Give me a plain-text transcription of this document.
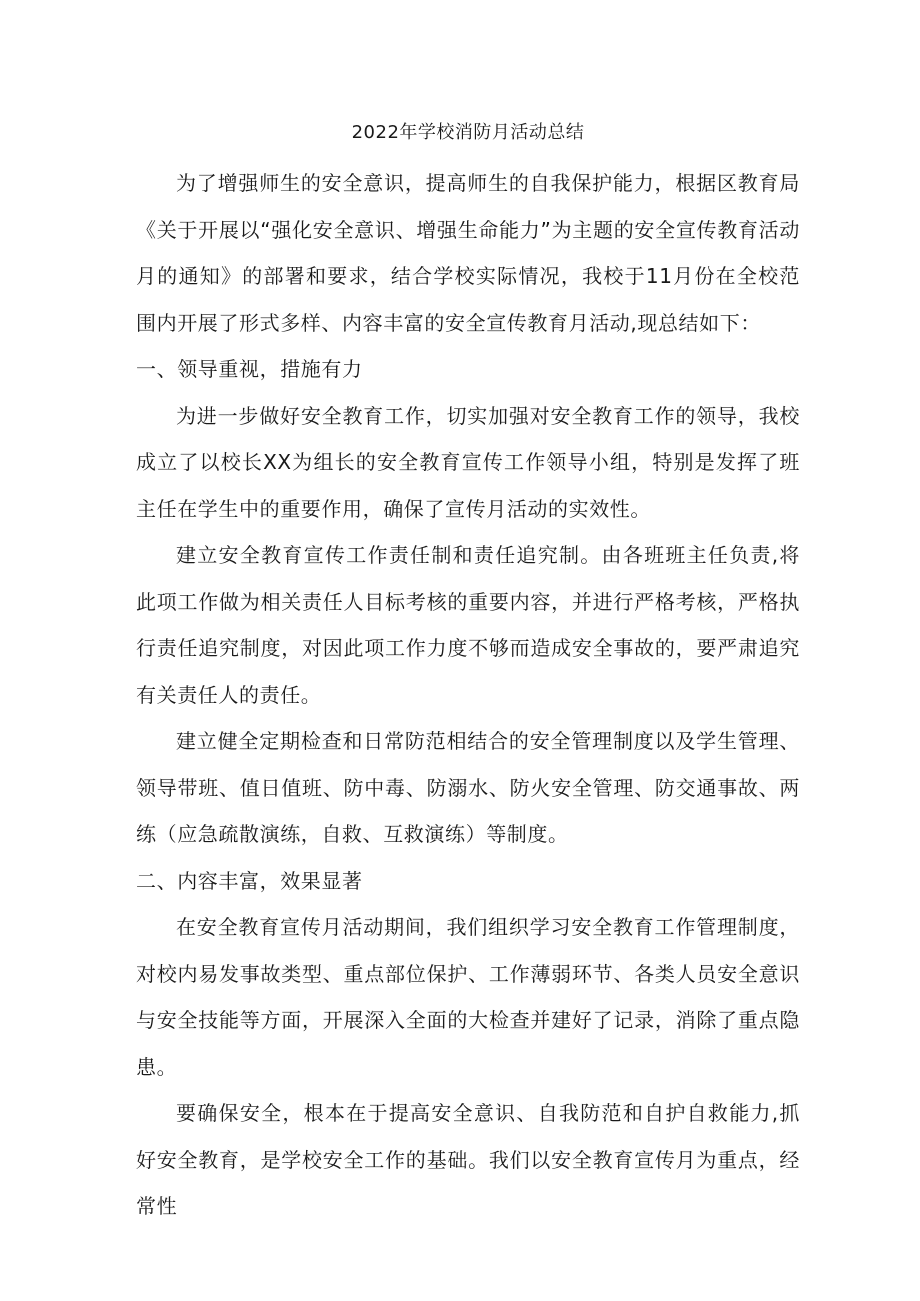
2022年学校消防月活动总结

为了增强师生的安全意识，提高师生的自我保护能力，根据区教育局《关于开展以“强化安全意识、增强生命能力”为主题的安全宣传教育活动月的通知》的部署和要求，结合学校实际情况，我校于11月份在全校范围内开展了形式多样、内容丰富的安全宣传教育月活动,现总结如下：

一、领导重视，措施有力

为进一步做好安全教育工作，切实加强对安全教育工作的领导，我校成立了以校长XX为组长的安全教育宣传工作领导小组，特别是发挥了班主任在学生中的重要作用，确保了宣传月活动的实效性。

建立安全教育宣传工作责任制和责任追究制。由各班班主任负责,将此项工作做为相关责任人目标考核的重要内容，并进行严格考核，严格执行责任追究制度，对因此项工作力度不够而造成安全事故的，要严肃追究有关责任人的责任。

建立健全定期检查和日常防范相结合的安全管理制度以及学生管理、领导带班、值日值班、防中毒、防溺水、防火安全管理、防交通事故、两练（应急疏散演练，自救、互救演练）等制度。

二、内容丰富，效果显著

在安全教育宣传月活动期间，我们组织学习安全教育工作管理制度，对校内易发事故类型、重点部位保护、工作薄弱环节、各类人员安全意识与安全技能等方面，开展深入全面的大检查并建好了记录，消除了重点隐患。

要确保安全，根本在于提高安全意识、自我防范和自护自救能力,抓好安全教育，是学校安全工作的基础。我们以安全教育宣传月为重点，经常性
